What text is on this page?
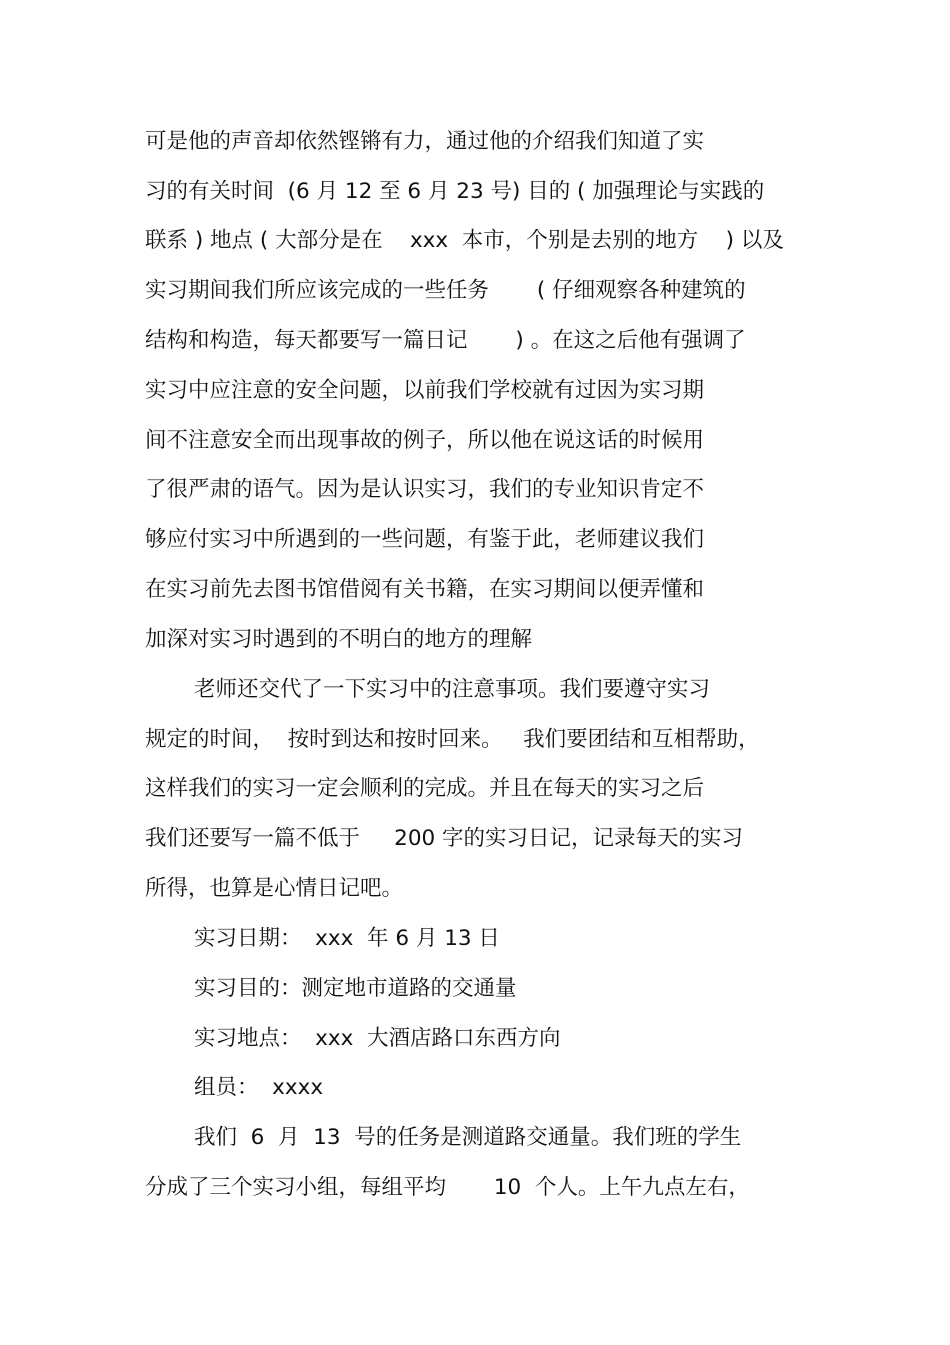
可是他的声音却依然铿锵有力，通过他的介绍我们知道了实
习的有关时间  (6 月 12 至 6 月 23 号) 目的 ( 加强理论与实践的
联系 ) 地点 ( 大部分是在    xxx  本市，个别是去别的地方    ) 以及
实习期间我们所应该完成的一些任务       ( 仔细观察各种建筑的
结构和构造，每天都要写一篇日记       ) 。在这之后他有强调了
实习中应注意的安全问题，以前我们学校就有过因为实习期
间不注意安全而出现事故的例子，所以他在说这话的时候用
了很严肃的语气。因为是认识实习，我们的专业知识肯定不
够应付实习中所遇到的一些问题，有鉴于此，老师建议我们
在实习前先去图书馆借阅有关书籍，在实习期间以便弄懂和
加深对实习时遇到的不明白的地方的理解
老师还交代了一下实习中的注意事项。我们要遵守实习
规定的时间，  按时到达和按时回来。   我们要团结和互相帮助，
这样我们的实习一定会顺利的完成。并且在每天的实习之后
我们还要写一篇不低于     200 字的实习日记，记录每天的实习
所得，也算是心情日记吧。
实习日期：  xxx  年 6 月 13 日
实习目的：测定地市道路的交通量
实习地点：  xxx  大酒店路口东西方向
组员：  xxxx
我们  6  月  13  号的任务是测道路交通量。我们班的学生
分成了三个实习小组，每组平均       10  个人。上午九点左右，
